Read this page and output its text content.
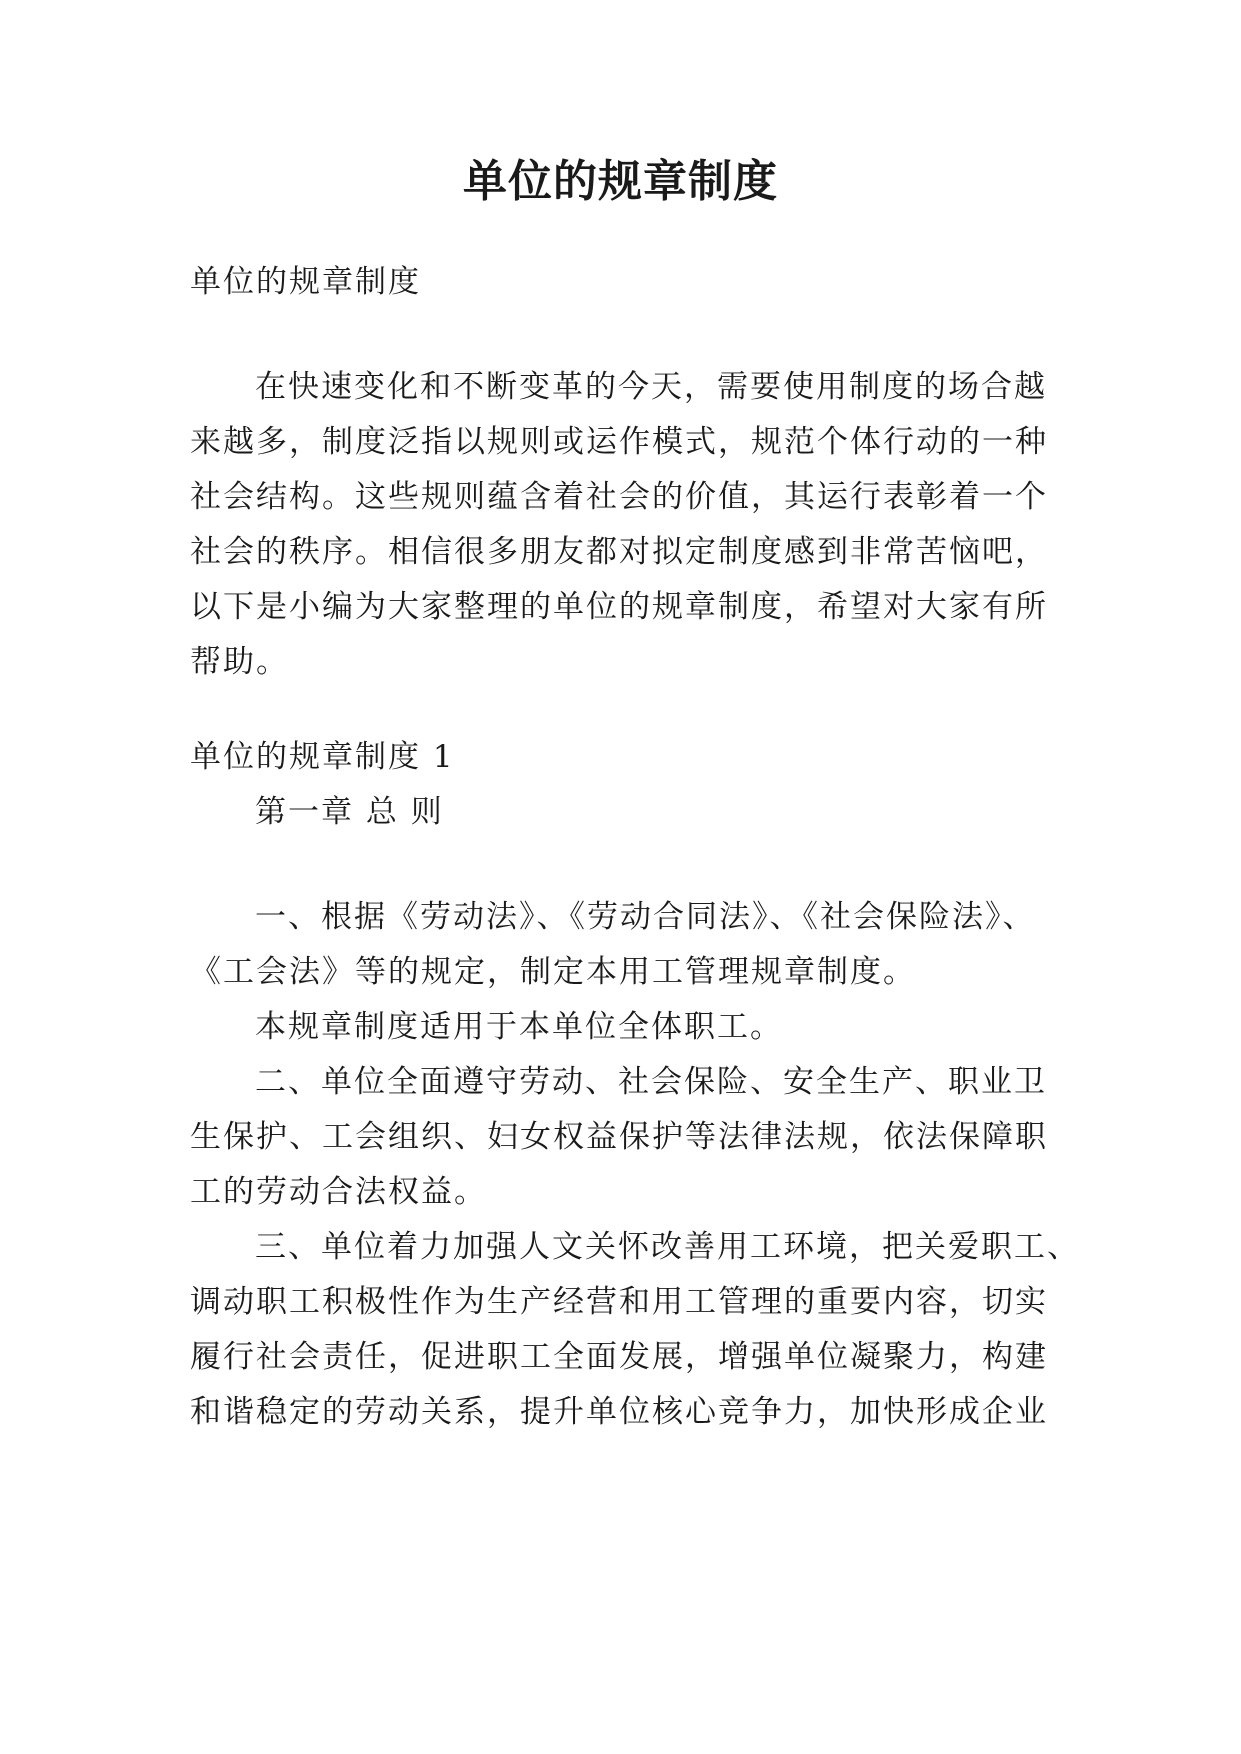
单位的规章制度

单位的规章制度

在快速变化和不断变革的今天，需要使用制度的场合越

来越多，制度泛指以规则或运作模式，规范个体行动的一种

社会结构。这些规则蕴含着社会的价值，其运行表彰着一个

社会的秩序。相信很多朋友都对拟定制度感到非常苦恼吧，

以下是小编为大家整理的单位的规章制度，希望对大家有所

帮助。

单位的规章制度 1

第一章 总 则

一、根据《劳动法》、《劳动合同法》、《社会保险法》、

《工会法》等的规定，制定本用工管理规章制度。

本规章制度适用于本单位全体职工。

二、单位全面遵守劳动、社会保险、安全生产、职业卫

生保护、工会组织、妇女权益保护等法律法规，依法保障职

工的劳动合法权益。

三、单位着力加强人文关怀改善用工环境，把关爱职工、

调动职工积极性作为生产经营和用工管理的重要内容，切实

履行社会责任，促进职工全面发展，增强单位凝聚力，构建

和谐稳定的劳动关系，提升单位核心竞争力，加快形成企业
